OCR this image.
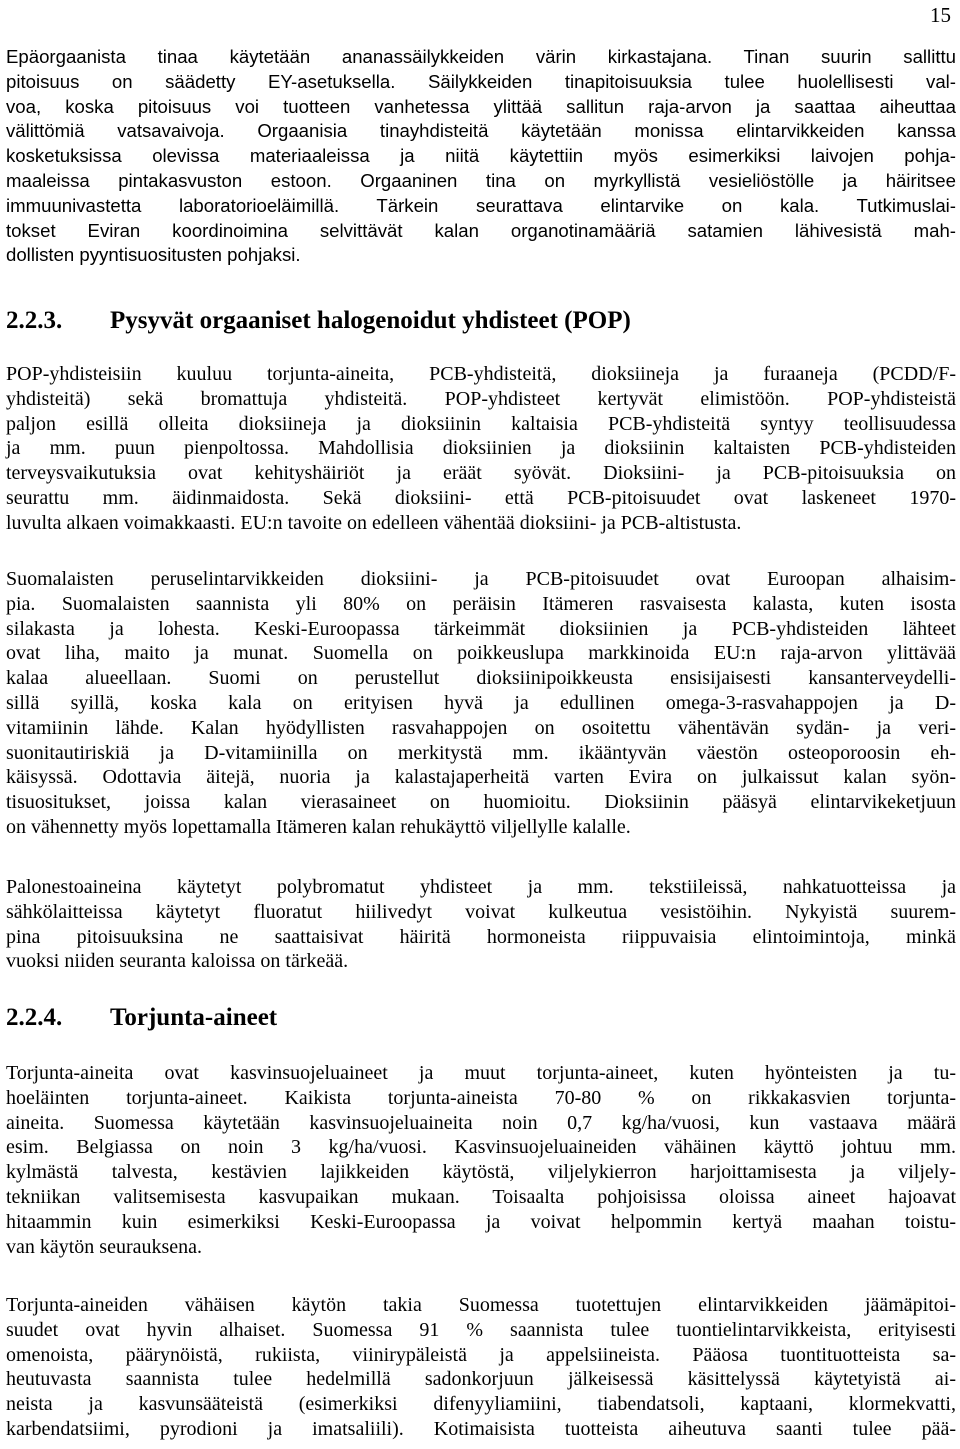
15
Epäorgaanista tinaa käytetään ananassäilykkeiden värin kirkastajana. Tinan suurin sallittu
pitoisuus on säädetty EY-asetuksella. Säilykkeiden tinapitoisuuksia tulee huolellisesti val-
voa, koska pitoisuus voi tuotteen vanhetessa ylittää sallitun raja-arvon ja saattaa aiheuttaa
välittömiä vatsavaivoja. Orgaanisia tinayhdisteitä käytetään monissa elintarvikkeiden kanssa
kosketuksissa olevissa materiaaleissa ja niitä käytettiin myös esimerkiksi laivojen pohja-
maaleissa pintakasvuston estoon. Orgaaninen tina on myrkyllistä vesieliöstölle ja häiritsee
immuunivastetta laboratorioeläimillä. Tärkein seurattava elintarvike on kala. Tutkimuslai-
tokset Eviran koordinoimina selvittävät kalan organotinamääriä satamien lähivesistä mah-
dollisten pyyntisuositusten pohjaksi.
2.2.3. Pysyvät orgaaniset halogenoidut yhdisteet (POP)
POP-yhdisteisiin kuuluu torjunta-aineita, PCB-yhdisteitä, dioksiineja ja furaaneja (PCDD/F-
yhdisteitä) sekä bromattuja yhdisteitä. POP-yhdisteet kertyvät elimistöön. POP-yhdisteistä
paljon esillä olleita dioksiineja ja dioksiinin kaltaisia PCB-yhdisteitä syntyy teollisuudessa
ja mm. puun pienpoltossa. Mahdollisia dioksiinien ja dioksiinin kaltaisten PCB-yhdisteiden
terveysvaikutuksia ovat kehityshäiriöt ja eräät syövät. Dioksiini- ja PCB-pitoisuuksia on
seurattu mm. äidinmaidosta. Sekä dioksiini- että PCB-pitoisuudet ovat laskeneet 1970-
luvulta alkaen voimakkaasti. EU:n tavoite on edelleen vähentää dioksiini- ja PCB-altistusta.
Suomalaisten peruselintarvikkeiden dioksiini- ja PCB-pitoisuudet ovat Euroopan alhaisim-
pia. Suomalaisten saannista yli 80% on peräisin Itämeren rasvaisesta kalasta, kuten isosta
silakasta ja lohesta. Keski-Euroopassa tärkeimmät dioksiinien ja PCB-yhdisteiden lähteet
ovat liha, maito ja munat. Suomella on poikkeuslupa markkinoida EU:n raja-arvon ylittävää
kalaa alueellaan. Suomi on perustellut dioksiinipoikkeusta ensisijaisesti kansanterveydelli-
sillä syillä, koska kala on erityisen hyvä ja edullinen omega-3-rasvahappojen ja D-
vitamiinin lähde. Kalan hyödyllisten rasvahappojen on osoitettu vähentävän sydän- ja veri-
suonitautiriskiä ja D-vitamiinilla on merkitystä mm. ikääntyvän väestön osteoporoosin eh-
käisyssä. Odottavia äitejä, nuoria ja kalastajaperheitä varten Evira on julkaissut kalan syön-
tisuositukset, joissa kalan vierasaineet on huomioitu. Dioksiinin pääsyä elintarvikeketjuun
on vähennetty myös lopettamalla Itämeren kalan rehukäyttö viljellylle kalalle.
Palonestoaineina käytetyt polybromatut yhdisteet ja mm. tekstiileissä, nahkatuotteissa ja
sähkölaitteissa käytetyt fluoratut hiilivedyt voivat kulkeutua vesistöihin. Nykyistä suurem-
pina pitoisuuksina ne saattaisivat häiritä hormoneista riippuvaisia elintoimintoja, minkä
vuoksi niiden seuranta kaloissa on tärkeää.
2.2.4. Torjunta-aineet
Torjunta-aineita ovat kasvinsuojeluaineet ja muut torjunta-aineet, kuten hyönteisten ja tu-
hoeläinten torjunta-aineet. Kaikista torjunta-aineista 70-80 % on rikkakasvien torjunta-
aineita. Suomessa käytetään kasvinsuojeluaineita noin 0,7 kg/ha/vuosi, kun vastaava määrä
esim. Belgiassa on noin 3 kg/ha/vuosi. Kasvinsuojeluaineiden vähäinen käyttö johtuu mm.
kylmästä talvesta, kestävien lajikkeiden käytöstä, viljelykierron harjoittamisesta ja viljely-
tekniikan valitsemisesta kasvupaikan mukaan. Toisaalta pohjoisissa oloissa aineet hajoavat
hitaammin kuin esimerkiksi Keski-Euroopassa ja voivat helpommin kertyä maahan toistu-
van käytön seurauksena.
Torjunta-aineiden vähäisen käytön takia Suomessa tuotettujen elintarvikkeiden jäämäpitoi-
suudet ovat hyvin alhaiset. Suomessa 91 % saannista tulee tuontielintarvikkeista, erityisesti
omenoista, päärynöistä, rukiista, viinirypäleistä ja appelsiineista. Pääosa tuontituotteista sa-
heutuvasta saannista tulee hedelmillä sadonkorjuun jälkeisessä käsittelyssä käytetyistä ai-
neista ja kasvunsääteistä (esimerkiksi difenyyliamiini, tiabendatsoli, kaptaani, klormekvatti,
karbendatsiimi, pyrodioni ja imatsaliili). Kotimaisista tuotteista aiheutuva saanti tulee pää-
